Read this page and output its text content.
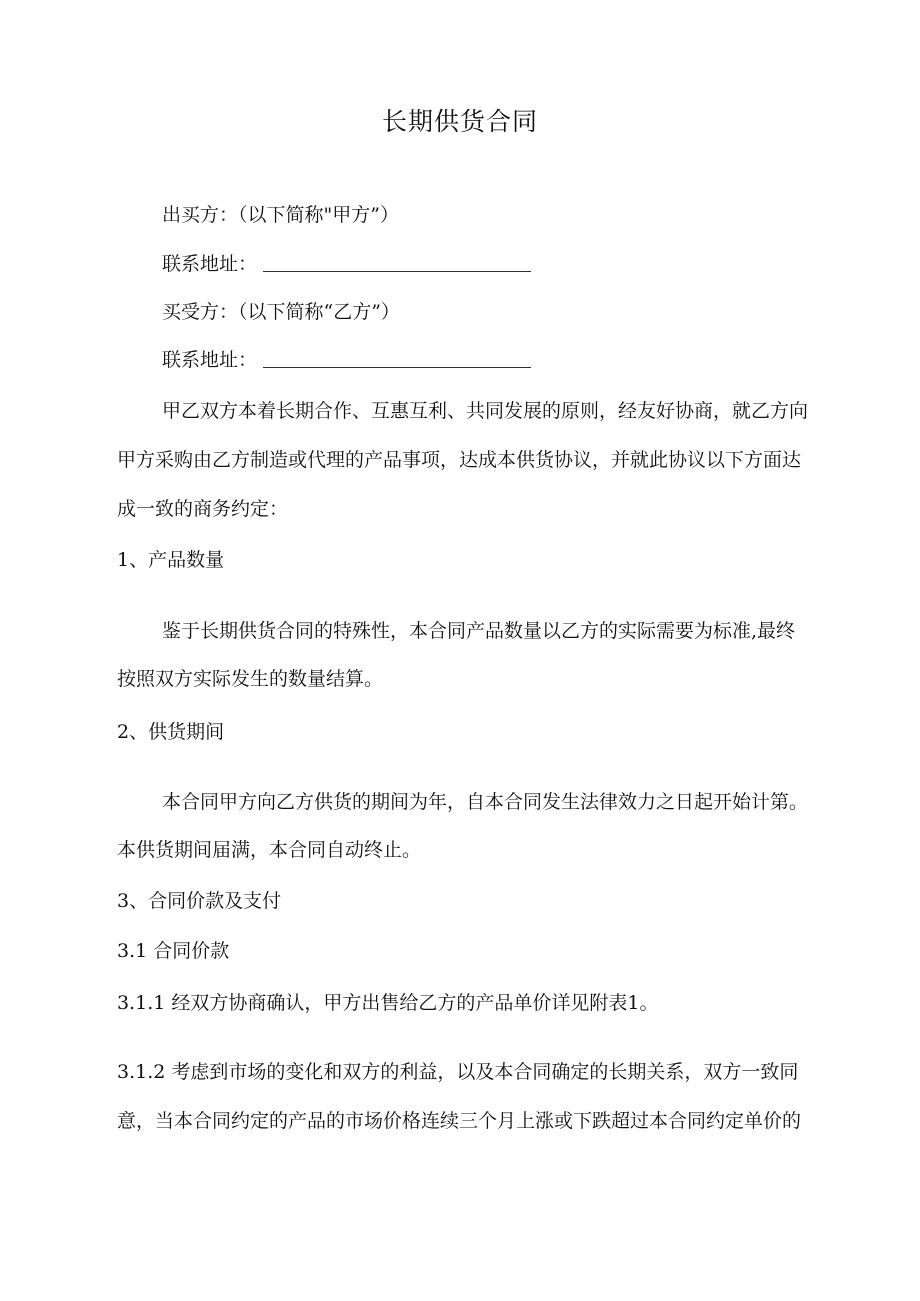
长期供货合同
出买方：（以下简称"甲方”）
联系地址：
买受方：（以下简称“乙方”）
联系地址：
甲乙双方本着长期合作、互惠互利、共同发展的原则，经友好协商，就乙方向
甲方采购由乙方制造或代理的产品事项，达成本供货协议，并就此协议以下方面达
成一致的商务约定：
1、产品数量
鉴于长期供货合同的特殊性，本合同产品数量以乙方的实际需要为标准,最终
按照双方实际发生的数量结算。
2、供货期间
本合同甲方向乙方供货的期间为年，自本合同发生法律效力之日起开始计第。
本供货期间届满，本合同自动终止。
3、合同价款及支付
3.1 合同价款
3.1.1 经双方协商确认，甲方出售给乙方的产品单价详见附表1。
3.1.2 考虑到市场的变化和双方的利益，以及本合同确定的长期关系，双方一致同
意，当本合同约定的产品的市场价格连续三个月上涨或下跌超过本合同约定单价的
